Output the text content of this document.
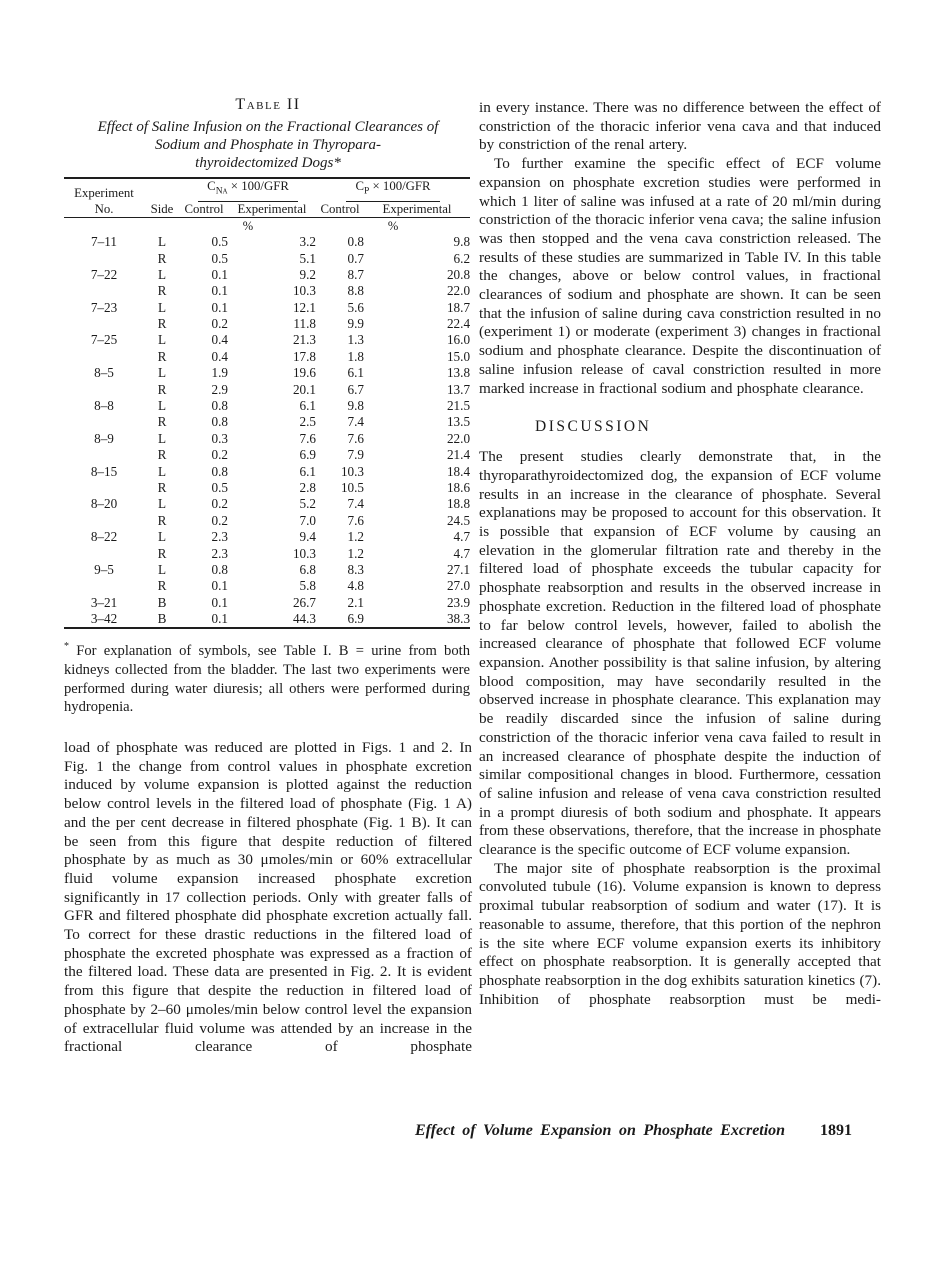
Table II
Effect of Saline Infusion on the Fractional Clearances of
Sodium and Phosphate in Thyropara-
thyroidectomized Dogs*
Experiment
No.	Side	$C_{Na} \times 100/GFR$		$C_P \times 100/GFR$	
		Control	Experimental	Control	Experimental
		%		%	
7–11	L	0.5	3.2	0.8	9.8
	R	0.5	5.1	0.7	6.2
7–22	L	0.1	9.2	8.7	20.8
	R	0.1	10.3	8.8	22.0
7–23	L	0.1	12.1	5.6	18.7
	R	0.2	11.8	9.9	22.4
7–25	L	0.4	21.3	1.3	16.0
	R	0.4	17.8	1.8	15.0
8–5	L	1.9	19.6	6.1	13.8
	R	2.9	20.1	6.7	13.7
8–8	L	0.8	6.1	9.8	21.5
	R	0.8	2.5	7.4	13.5
8–9	L	0.3	7.6	7.6	22.0
	R	0.2	6.9	7.9	21.4
8–15	L	0.8	6.1	10.3	18.4
	R	0.5	2.8	10.5	18.6
8–20	L	0.2	5.2	7.4	18.8
	R	0.2	7.0	7.6	24.5
8–22	L	2.3	9.4	1.2	4.7
	R	2.3	10.3	1.2	4.7
9–5	L	0.8	6.8	8.3	27.1
	R	0.1	5.8	4.8	27.0
3–21	B	0.1	26.7	2.1	23.9
3–42	B	0.1	44.3	6.9	38.3
* For explanation of symbols, see Table I. B = urine from both kidneys collected from the bladder. The last two experiments were performed during water diuresis; all others were performed during hydropenia.

load of phosphate was reduced are plotted in Figs. 1 and 2. In Fig. 1 the change from control values in phosphate excretion induced by volume expansion is plotted against the reduction below control levels in the filtered load of phosphate (Fig. 1 A) and the per cent decrease in filtered phosphate (Fig. 1 B). It can be seen from this figure that despite reduction of filtered phosphate by as much as 30 μmoles/min or 60% extracellular fluid volume expansion increased phosphate excretion significantly in 17 collection periods. Only with greater falls of GFR and filtered phosphate did phosphate excretion actually fall. To correct for these drastic reductions in the filtered load of phosphate the excreted phosphate was expressed as a fraction of the filtered load. These data are presented in Fig. 2. It is evident from this figure that despite the reduction in filtered load of phosphate by 2–60 μmoles/min below control level the expansion of extracellular fluid volume was attended by an increase in the fractional clearance of phosphate

in every instance. There was no difference between the effect of constriction of the thoracic inferior vena cava and that induced by constriction of the renal artery.

To further examine the specific effect of ECF volume expansion on phosphate excretion studies were performed in which 1 liter of saline was infused at a rate of 20 ml/min during constriction of the thoracic inferior vena cava; the saline infusion was then stopped and the vena cava constriction released. The results of these studies are summarized in Table IV. In this table the changes, above or below control values, in fractional clearances of sodium and phosphate are shown. It can be seen that the infusion of saline during cava constriction resulted in no (experiment 1) or moderate (experiment 3) changes in fractional sodium and phosphate clearance. Despite the discontinuation of saline infusion release of caval constriction resulted in more marked increase in fractional sodium and phosphate clearance.

DISCUSSION

The present studies clearly demonstrate that, in the thyroparathyroidectomized dog, the expansion of ECF volume results in an increase in the clearance of phosphate. Several explanations may be proposed to account for this observation. It is possible that expansion of ECF volume by causing an elevation in the glomerular filtration rate and thereby in the filtered load of phosphate exceeds the tubular capacity for phosphate reabsorption and results in the observed increase in phosphate excretion. Reduction in the filtered load of phosphate to far below control levels, however, failed to abolish the increased clearance of phosphate that followed ECF volume expansion. Another possibility is that saline infusion, by altering blood composition, may have secondarily resulted in the observed increase in phosphate clearance. This explanation may be readily discarded since the infusion of saline during constriction of the thoracic inferior vena cava failed to result in an increased clearance of phosphate despite the induction of similar compositional changes in blood. Furthermore, cessation of saline infusion and release of vena cava constriction resulted in a prompt diuresis of both sodium and phosphate. It appears from these observations, therefore, that the increase in phosphate clearance is the specific outcome of ECF volume expansion.

The major site of phosphate reabsorption is the proximal convoluted tubule (16). Volume expansion is known to depress proximal tubular reabsorption of sodium and water (17). It is reasonable to assume, therefore, that this portion of the nephron is the site where ECF volume expansion exerts its inhibitory effect on phosphate reabsorption. It is generally accepted that phosphate reabsorption in the dog exhibits saturation kinetics (7). Inhibition of phosphate reabsorption must be medi-

Effect of Volume Expansion on Phosphate Excretion 1891
